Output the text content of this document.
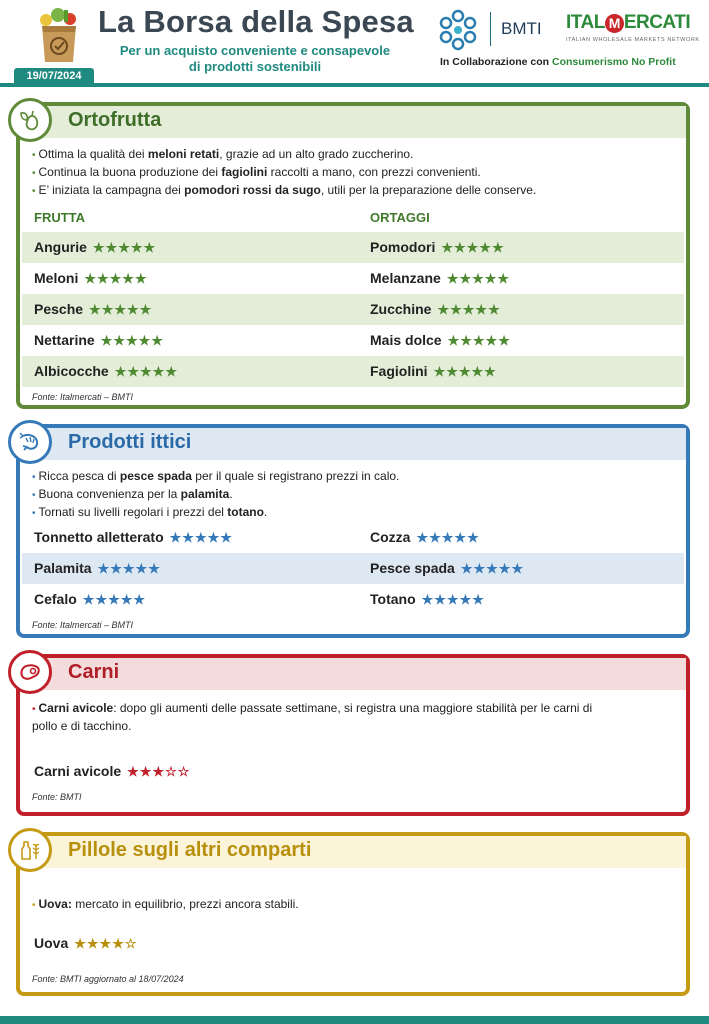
La Borsa della Spesa
Per un acquisto conveniente e consapevole
di prodotti sostenibili
19/07/2024
BMTI ITAL M ERCATI
ITALIAN WHOLESALE MARKETS NETWORK
In Collaborazione con Consumerismo No Profit
Ortofrutta
• Ottima la qualità dei meloni retati, grazie ad un alto grado zuccherino.
• Continua la buona produzione dei fagiolini raccolti a mano, con prezzi convenienti.
• E’ iniziata la campagna dei pomodori rossi da sugo, utili per la preparazione delle conserve.
FRUTTA	ORTAGGI
Angurie ★★★★★	Pomodori ★★★★★
Meloni ★★★★★	Melanzane ★★★★★
Pesche ★★★★★	Zucchine ★★★★★
Nettarine ★★★★★	Mais dolce ★★★★★
Albicocche ★★★★★	Fagiolini ★★★★★
Fonte: Italmercati – BMTI
Prodotti ittici
• Ricca pesca di pesce spada per il quale si registrano prezzi in calo.
• Buona convenienza per la palamita.
• Tornati su livelli regolari i prezzi del totano.
Tonnetto alletterato ★★★★★	Cozza ★★★★★
Palamita ★★★★★	Pesce spada ★★★★★
Cefalo ★★★★★	Totano ★★★★★
Fonte: Italmercati – BMTI
Carni
• Carni avicole: dopo gli aumenti delle passate settimane, si registra una maggiore stabilità per le carni di
pollo e di tacchino.
Carni avicole ★★★☆☆
Fonte: BMTI
Pillole sugli altri comparti
• Uova: mercato in equilibrio, prezzi ancora stabili.
Uova ★★★★☆
Fonte: BMTI aggiornato al 18/07/2024
